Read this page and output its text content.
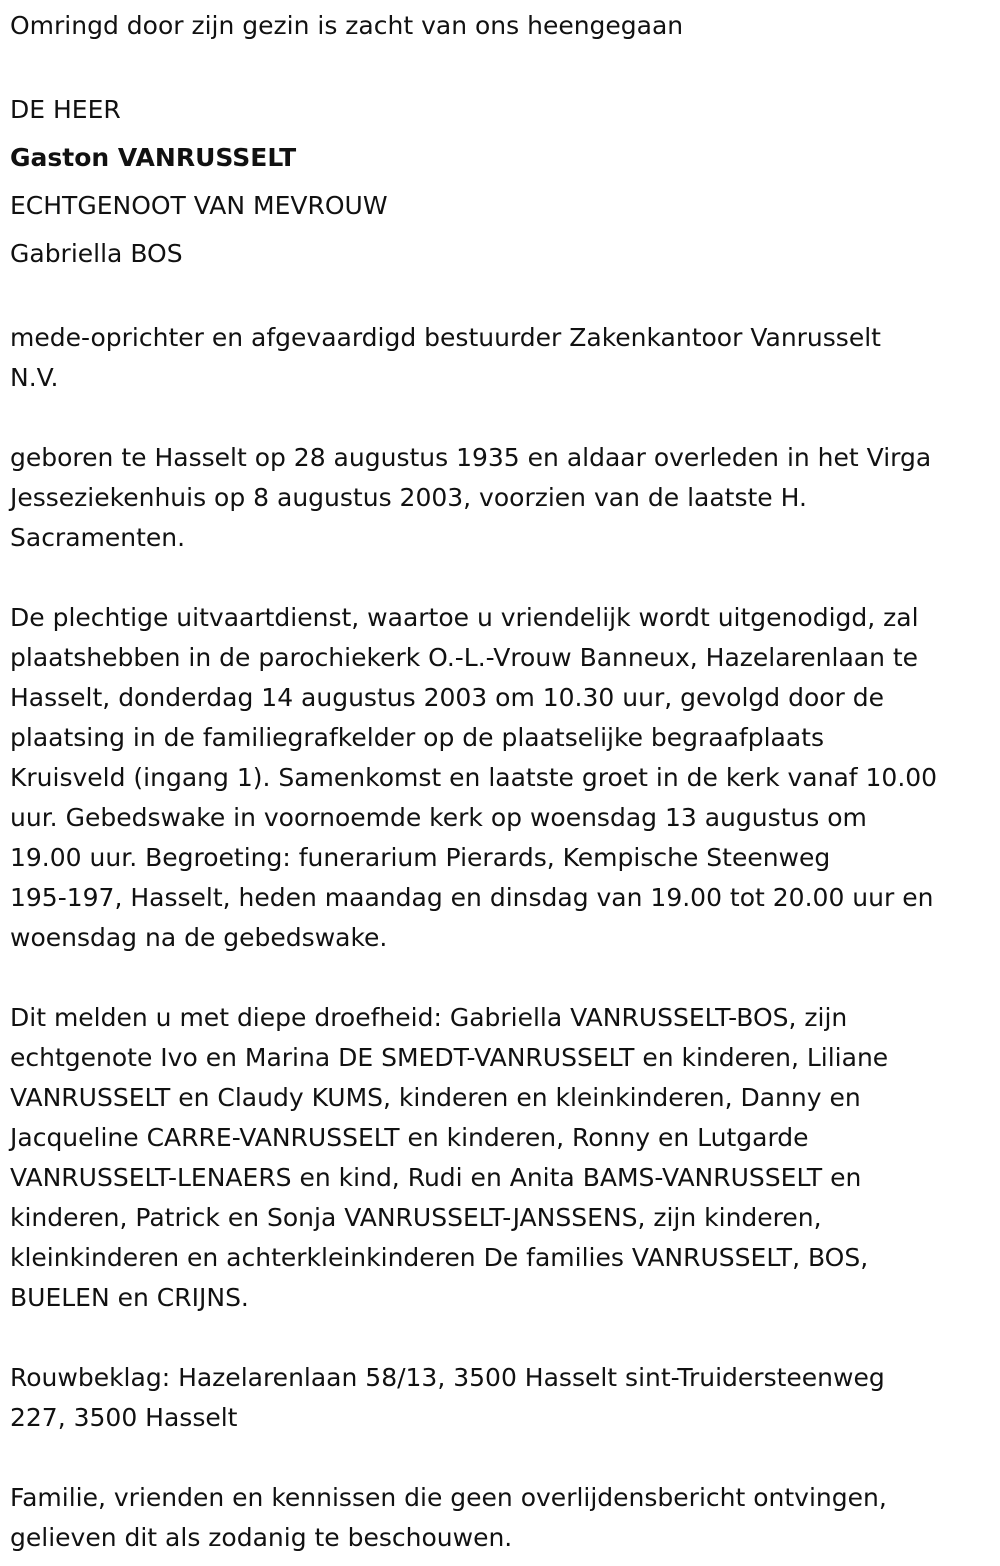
Omringd door zijn gezin is zacht van ons heengegaan

DE HEER

Gaston VANRUSSELT

ECHTGENOOT VAN MEVROUW

Gabriella BOS

mede-oprichter en afgevaardigd bestuurder Zakenkantoor Vanrusselt

N.V.

geboren te Hasselt op 28 augustus 1935 en aldaar overleden in het Virga

Jesseziekenhuis op 8 augustus 2003, voorzien van de laatste H.

Sacramenten.

De plechtige uitvaartdienst, waartoe u vriendelijk wordt uitgenodigd, zal

plaatshebben in de parochiekerk O.-L.-Vrouw Banneux, Hazelarenlaan te

Hasselt, donderdag 14 augustus 2003 om 10.30 uur, gevolgd door de

plaatsing in de familiegrafkelder op de plaatselijke begraafplaats

Kruisveld (ingang 1). Samenkomst en laatste groet in de kerk vanaf 10.00

uur. Gebedswake in voornoemde kerk op woensdag 13 augustus om

19.00 uur. Begroeting: funerarium Pierards, Kempische Steenweg

195-197, Hasselt, heden maandag en dinsdag van 19.00 tot 20.00 uur en

woensdag na de gebedswake.

Dit melden u met diepe droefheid: Gabriella VANRUSSELT-BOS, zijn

echtgenote Ivo en Marina DE SMEDT-VANRUSSELT en kinderen, Liliane

VANRUSSELT en Claudy KUMS, kinderen en kleinkinderen, Danny en

Jacqueline CARRE-VANRUSSELT en kinderen, Ronny en Lutgarde

VANRUSSELT-LENAERS en kind, Rudi en Anita BAMS-VANRUSSELT en

kinderen, Patrick en Sonja VANRUSSELT-JANSSENS, zijn kinderen,

kleinkinderen en achterkleinkinderen De families VANRUSSELT, BOS,

BUELEN en CRIJNS.

Rouwbeklag: Hazelarenlaan 58/13, 3500 Hasselt sint-Truidersteenweg

227, 3500 Hasselt

Familie, vrienden en kennissen die geen overlijdensbericht ontvingen,

gelieven dit als zodanig te beschouwen.
